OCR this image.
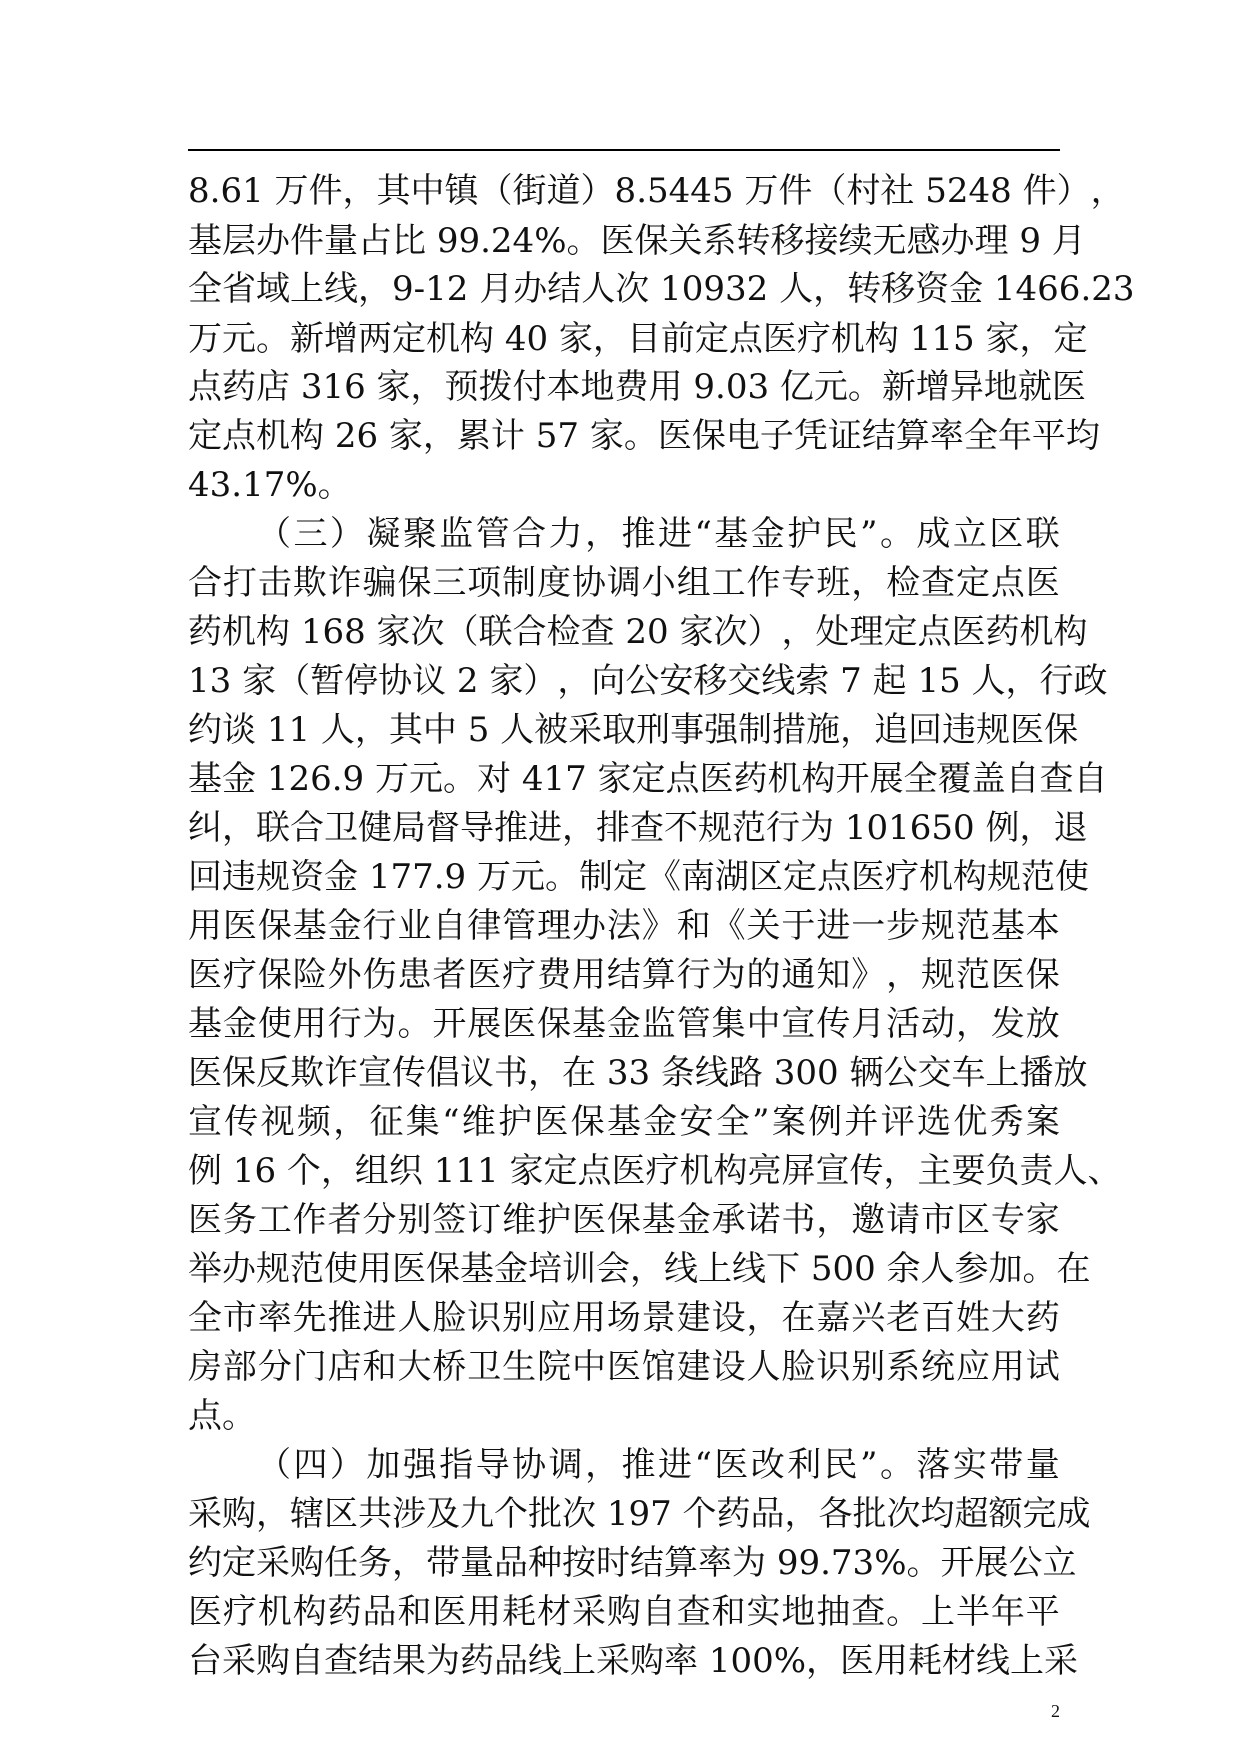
8 . 6 1
万 件 ， 其 中 镇 （ 街 道 ） 8 . 5 4 4 5
万 件 （ 村 社
5 2 4 8
件 ） ，
基 层 办 件 量 占 比
9 9 . 2 4 % 。 医 保 关 系 转 移 接 续 无 感 办 理
9
月
全 省 域 上 线 ， 9 - 1 2
月 办 结 人 次
1 0 9 3 2
人 ， 转 移 资 金
1 4 6 6 . 2 3
万 元 。 新 增 两 定 机 构
4 0
家 ， 目 前 定 点 医 疗 机 构
1 1 5
家 ， 定
点 药 店
3 1 6
家 ， 预 拨 付 本 地 费 用
9 . 0 3
亿 元 。 新 增 异 地 就 医
定 点 机 构
2 6
家 ， 累 计
5 7
家 。 医 保 电 子 凭 证 结 算 率 全 年 平 均
43.17%。
（ 三 ） 凝 聚 监 管 合 力 ， 推 进 “ 基 金 护 民 ” 。 成 立 区 联
合 打 击 欺 诈 骗 保 三 项 制 度 协 调 小 组 工 作 专 班 ， 检 查 定 点 医
药 机 构
1 6 8
家 次 （ 联 合 检 查
2 0
家 次 ） ， 处 理 定 点 医 药 机 构
1 3
家 （ 暂 停 协 议
2
家 ） ， 向 公 安 移 交 线 索
7
起
1 5
人 ， 行 政
约 谈
1 1
人 ， 其 中
5
人 被 采 取 刑 事 强 制 措 施 ， 追 回 违 规 医 保
基 金
1 2 6 . 9
万 元 。 对
4 1 7
家 定 点 医 药 机 构 开 展 全 覆 盖 自 查 自
纠 ， 联 合 卫 健 局 督 导 推 进 ， 排 查 不 规 范 行 为
1 0 1 6 5 0
例 ， 退
回 违 规 资 金
1 7 7 . 9
万 元 。 制 定 《 南 湖 区 定 点 医 疗 机 构 规 范 使
用 医 保 基 金 行 业 自 律 管 理 办 法 》 和 《 关 于 进 一 步 规 范 基 本
医 疗 保 险 外 伤 患 者 医 疗 费 用 结 算 行 为 的 通 知 》 ， 规 范 医 保
基 金 使 用 行 为 。 开 展 医 保 基 金 监 管 集 中 宣 传 月 活 动 ， 发 放
医 保 反 欺 诈 宣 传 倡 议 书 ， 在
3 3
条 线 路
3 0 0
辆 公 交 车 上 播 放
宣 传 视 频 ， 征 集 “ 维 护 医 保 基 金 安 全 ” 案 例 并 评 选 优 秀 案
例
1 6
个 ， 组 织
1 1 1
家 定 点 医 疗 机 构 亮 屏 宣 传 ， 主 要 负 责 人 、
医 务 工 作 者 分 别 签 订 维 护 医 保 基 金 承 诺 书 ， 邀 请 市 区 专 家
举 办 规 范 使 用 医 保 基 金 培 训 会 ， 线 上 线 下
5 0 0
余 人 参 加 。 在
全 市 率 先 推 进 人 脸 识 别 应 用 场 景 建 设 ， 在 嘉 兴 老 百 姓 大 药
房 部 分 门 店 和 大 桥 卫 生 院 中 医 馆 建 设 人 脸 识 别 系 统 应 用 试
点。
（ 四 ） 加 强 指 导 协 调 ， 推 进 “ 医 改 利 民 ” 。 落 实 带 量
采 购 ， 辖 区 共 涉 及 九 个 批 次
1 9 7
个 药 品 ， 各 批 次 均 超 额 完 成
约 定 采 购 任 务 ， 带 量 品 种 按 时 结 算 率 为
9 9 . 7 3 % 。 开 展 公 立
医 疗 机 构 药 品 和 医 用 耗 材 采 购 自 查 和 实 地 抽 查 。 上 半 年 平
台 采 购 自 查 结 果 为 药 品 线 上 采 购 率
1 0 0 % ， 医 用 耗 材 线 上 采
2
